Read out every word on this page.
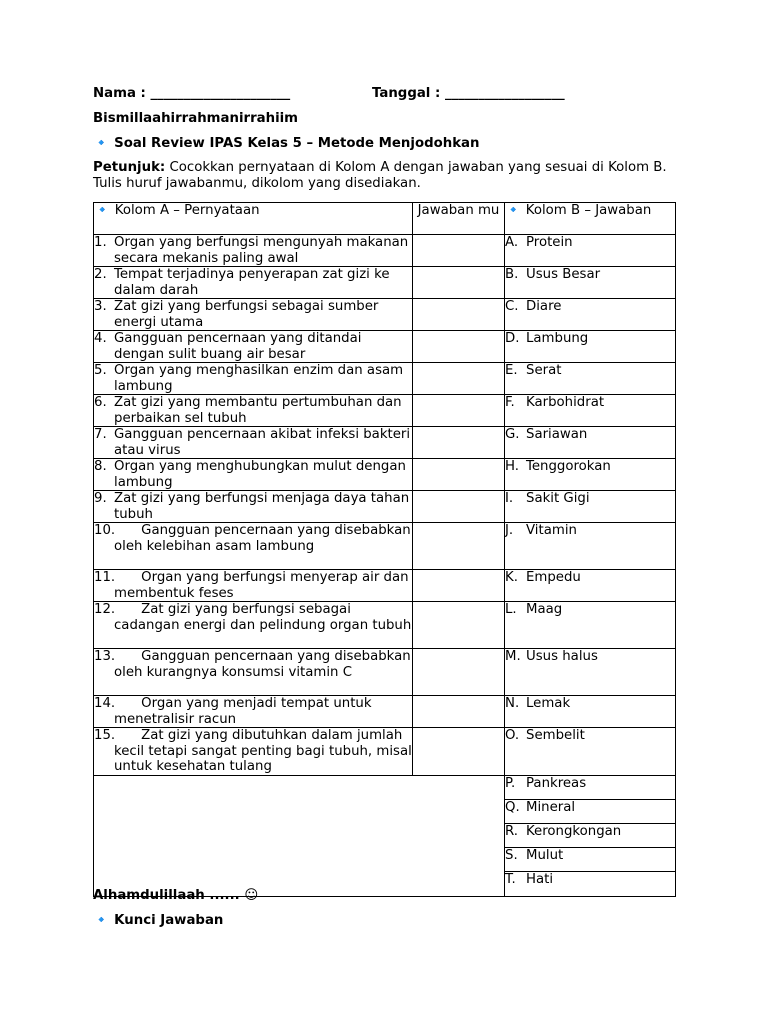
Nama : _____________________	Tanggal : __________________
Bismillaahirrahmanirrahiim
🔹 Soal Review IPAS Kelas 5 – Metode Menjodohkan
Petunjuk: Cocokkan pernyataan di Kolom A dengan jawaban yang sesuai di Kolom B. Tulis huruf jawabanmu, dikolom yang disediakan.
Alhamdulillaah ...... ☺
🔹 Kunci Jawaban
🔹 Kolom A – Pernyataan	Jawaban mu	🔹 Kolom B – Jawaban

1. Organ yang berfungsi mengunyah makanan secara mekanis paling awal		A. Protein

2. Tempat terjadinya penyerapan zat gizi ke dalam darah		B. Usus Besar

3. Zat gizi yang berfungsi sebagai sumber energi utama		C. Diare

4. Gangguan pencernaan yang ditandai dengan sulit buang air besar		D. Lambung

5. Organ yang menghasilkan enzim dan asam lambung		E. Serat

6. Zat gizi yang membantu pertumbuhan dan perbaikan sel tubuh		F. Karbohidrat

7. Gangguan pencernaan akibat infeksi bakteri atau virus		G. Sariawan

8. Organ yang menghubungkan mulut dengan lambung		H. Tenggorokan

9. Zat gizi yang berfungsi menjaga daya tahan tubuh		I. Sakit Gigi

10. Gangguan pencernaan yang disebabkan oleh kelebihan asam lambung		J. Vitamin

11. Organ yang berfungsi menyerap air dan membentuk feses		K. Empedu

12. Zat gizi yang berfungsi sebagai cadangan energi dan pelindung organ tubuh		L. Maag

13. Gangguan pencernaan yang disebabkan oleh kurangnya konsumsi vitamin C		M. Usus halus

14. Organ yang menjadi tempat untuk menetralisir racun		N. Lemak

15. Zat gizi yang dibutuhkan dalam jumlah kecil tetapi sangat penting bagi tubuh, misal untuk kesehatan tulang		O. Sembelit

		P. Pankreas

		Q. Mineral

		R. Kerongkongan

		S. Mulut

		T. Hati
